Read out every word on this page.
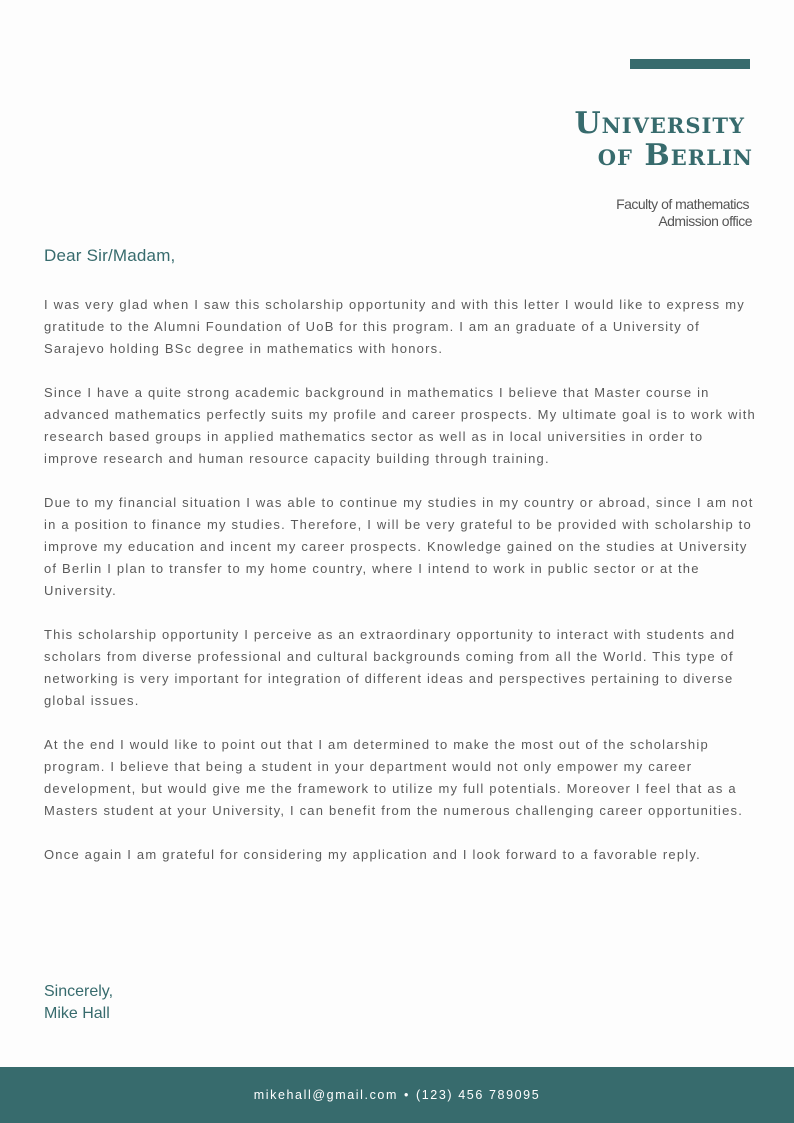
University
of Berlin
Faculty of mathematics
Admission office
Dear Sir/Madam,

I was very glad when I saw this scholarship opportunity and with this letter I would like to express my gratitude to the Alumni Foundation of UoB for this program. I am an graduate of a University of Sarajevo holding BSc degree in mathematics with honors.

Since I have a quite strong academic background in mathematics I believe that Master course in advanced mathematics perfectly suits my profile and career prospects. My ultimate goal is to work with research based groups in applied mathematics sector as well as in local universities in order to improve research and human resource capacity building through training.

Due to my financial situation I was able to continue my studies in my country or abroad, since I am not in a position to finance my studies. Therefore, I will be very grateful to be provided with scholarship to improve my education and incent my career prospects. Knowledge gained on the studies at University of Berlin I plan to transfer to my home country, where I intend to work in public sector or at the University.

This scholarship opportunity I perceive as an extraordinary opportunity to interact with students and scholars from diverse professional and cultural backgrounds coming from all the World. This type of networking is very important for integration of different ideas and perspectives pertaining to diverse global issues.

At the end I would like to point out that I am determined to make the most out of the scholarship program. I believe that being a student in your department would not only empower my career development, but would give me the framework to utilize my full potentials. Moreover I feel that as a Masters student at your University, I can benefit from the numerous challenging career opportunities.

Once again I am grateful for considering my application and I look forward to a favorable reply.

Sincerely,
Mike Hall
mikehall@gmail.com • (123) 456 789095
